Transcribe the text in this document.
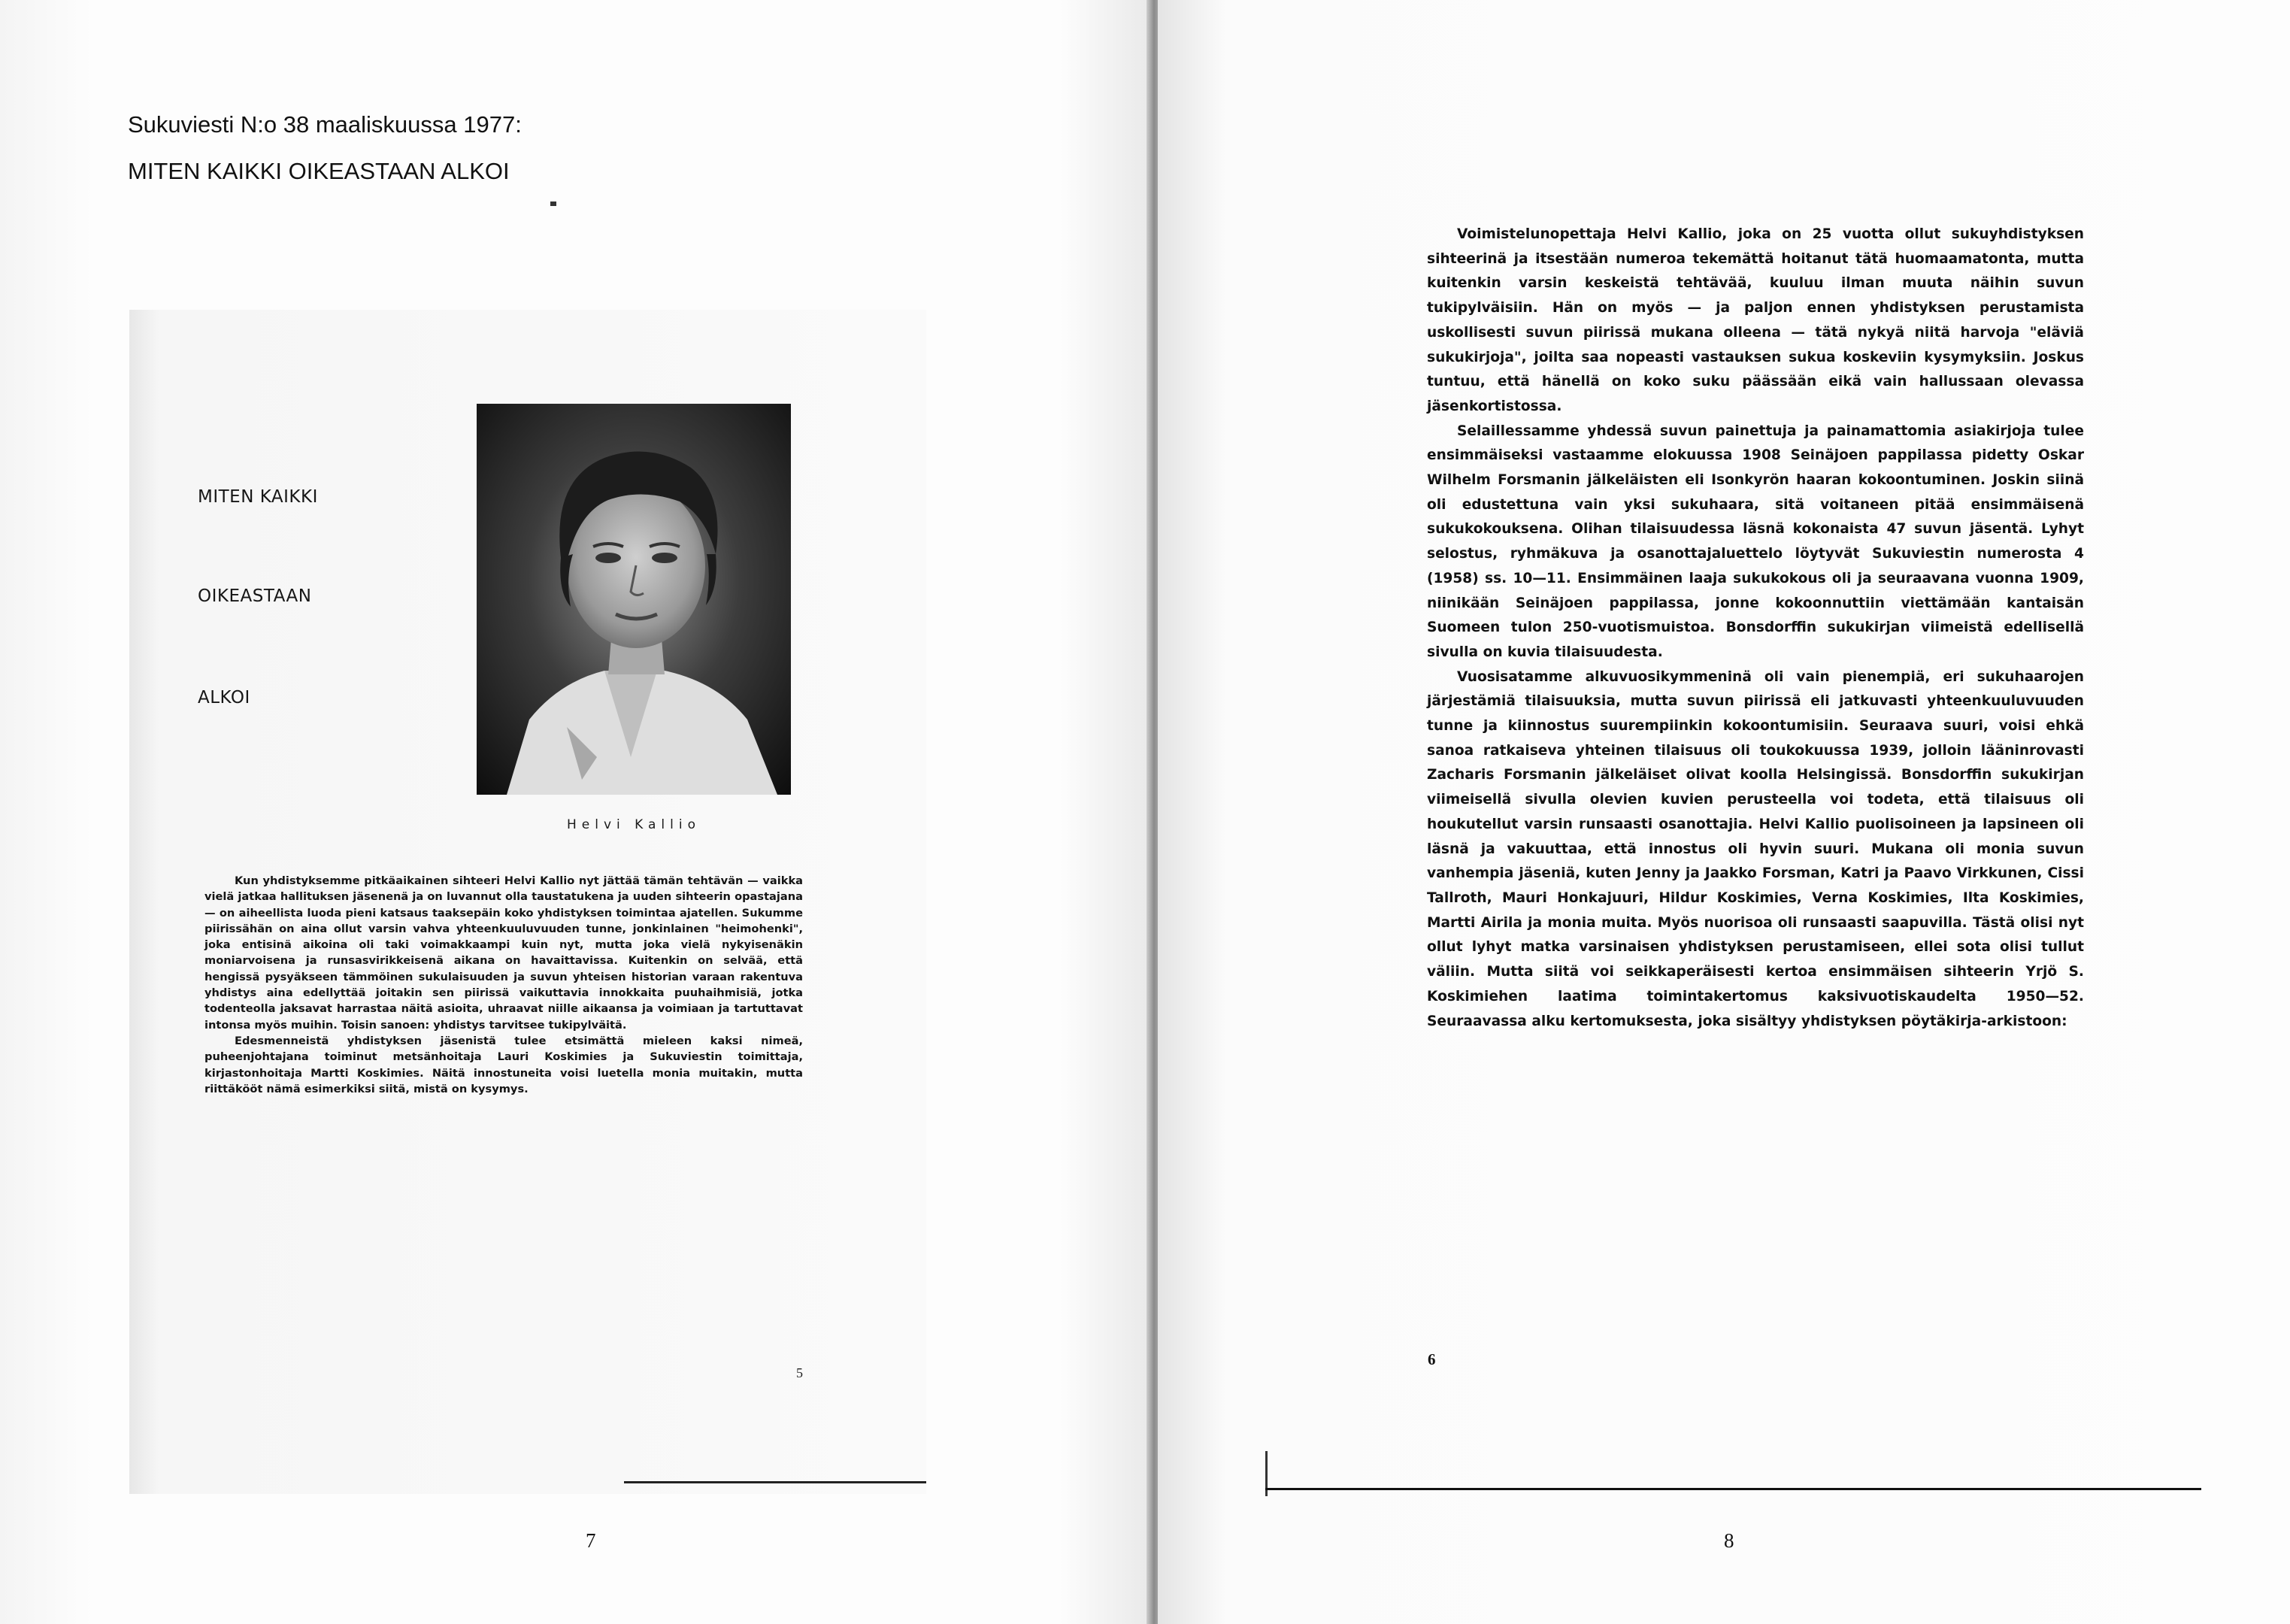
Sukuviesti N:o 38 maaliskuussa 1977:
MITEN KAIKKI OIKEASTAAN ALKOI
MITEN KAIKKI
OIKEASTAAN
ALKOI
Helvi Kallio

Kun yhdistyksemme pitkäaikainen sihteeri Helvi Kallio nyt jättää tämän tehtävän — vaikka vielä jatkaa hallituksen jäsenenä ja on luvannut olla taustatukena ja uuden sihteerin opastajana — on aiheellista luoda pieni katsaus taaksepäin koko yhdistyksen toimintaa ajatellen. Sukumme piirissähän on aina ollut varsin vahva yhteenkuuluvuuden tunne, jonkinlainen "heimohenki", joka entisinä aikoina oli taki voimakkaampi kuin nyt, mutta joka vielä nykyisenäkin moniarvoisena ja runsasvirikkeisenä aikana on havaittavissa. Kuitenkin on selvää, että hengissä pysyäkseen tämmöinen sukulaisuuden ja suvun yhteisen historian varaan rakentuva yhdistys aina edellyttää joitakin sen piirissä vaikuttavia innokkaita puuhaihmisiä, jotka todenteolla jaksavat harrastaa näitä asioita, uhraavat niille aikaansa ja voimiaan ja tartuttavat intonsa myös muihin. Toisin sanoen: yhdistys tarvitsee tukipylväitä.

Edesmenneistä yhdistyksen jäsenistä tulee etsimättä mieleen kaksi nimeä, puheenjohtajana toiminut metsänhoitaja Lauri Koskimies ja Sukuviestin toimittaja, kirjastonhoitaja Martti Koskimies. Näitä innostuneita voisi luetella monia muitakin, mutta riittäkööt nämä esimerkiksi siitä, mistä on kysymys.

5
7

Voimistelunopettaja Helvi Kallio, joka on 25 vuotta ollut sukuyhdistyksen sihteerinä ja itsestään numeroa tekemättä hoitanut tätä huomaamatonta, mutta kuitenkin varsin keskeistä tehtävää, kuuluu ilman muuta näihin suvun tukipylväisiin. Hän on myös — ja paljon ennen yhdistyksen perustamista uskollisesti suvun piirissä mukana olleena — tätä nykyä niitä harvoja "eläviä sukukirjoja", joilta saa nopeasti vastauksen sukua koskeviin kysymyksiin. Joskus tuntuu, että hänellä on koko suku päässään eikä vain hallussaan olevassa jäsenkortistossa.

Selaillessamme yhdessä suvun painettuja ja painamattomia asiakirjoja tulee ensimmäiseksi vastaamme elokuussa 1908 Seinäjoen pappilassa pidetty Oskar Wilhelm Forsmanin jälkeläisten eli Isonkyrön haaran kokoontuminen. Joskin siinä oli edustettuna vain yksi sukuhaara, sitä voitaneen pitää ensimmäisenä sukukokouksena. Olihan tilaisuudessa läsnä kokonaista 47 suvun jäsentä. Lyhyt selostus, ryhmäkuva ja osanottajaluettelo löytyvät Sukuviestin numerosta 4 (1958) ss. 10—11. Ensimmäinen laaja sukukokous oli ja seuraavana vuonna 1909, niinikään Seinäjoen pappilassa, jonne kokoonnuttiin viettämään kantaisän Suomeen tulon 250-vuotismuistoa. Bonsdorffin sukukirjan viimeistä edellisellä sivulla on kuvia tilaisuudesta.

Vuosisatamme alkuvuosikymmeninä oli vain pienempiä, eri sukuhaarojen järjestämiä tilaisuuksia, mutta suvun piirissä eli jatkuvasti yhteenkuuluvuuden tunne ja kiinnostus suurempiinkin kokoontumisiin. Seuraava suuri, voisi ehkä sanoa ratkaiseva yhteinen tilaisuus oli toukokuussa 1939, jolloin lääninrovasti Zacharis Forsmanin jälkeläiset olivat koolla Helsingissä. Bonsdorffin sukukirjan viimeisellä sivulla olevien kuvien perusteella voi todeta, että tilaisuus oli houkutellut varsin runsaasti osanottajia. Helvi Kallio puolisoineen ja lapsineen oli läsnä ja vakuuttaa, että innostus oli hyvin suuri. Mukana oli monia suvun vanhempia jäseniä, kuten Jenny ja Jaakko Forsman, Katri ja Paavo Virkkunen, Cissi Tallroth, Mauri Honkajuuri, Hildur Koskimies, Verna Koskimies, Ilta Koskimies, Martti Airila ja monia muita. Myös nuorisoa oli runsaasti saapuvilla. Tästä olisi nyt ollut lyhyt matka varsinaisen yhdistyksen perustamiseen, ellei sota olisi tullut väliin. Mutta siitä voi seikkaperäisesti kertoa ensimmäisen sihteerin Yrjö S. Koskimiehen laatima toimintakertomus kaksivuotiskaudelta 1950—52. Seuraavassa alku kertomuksesta, joka sisältyy yhdistyksen pöytäkirja-arkistoon:

6
8
